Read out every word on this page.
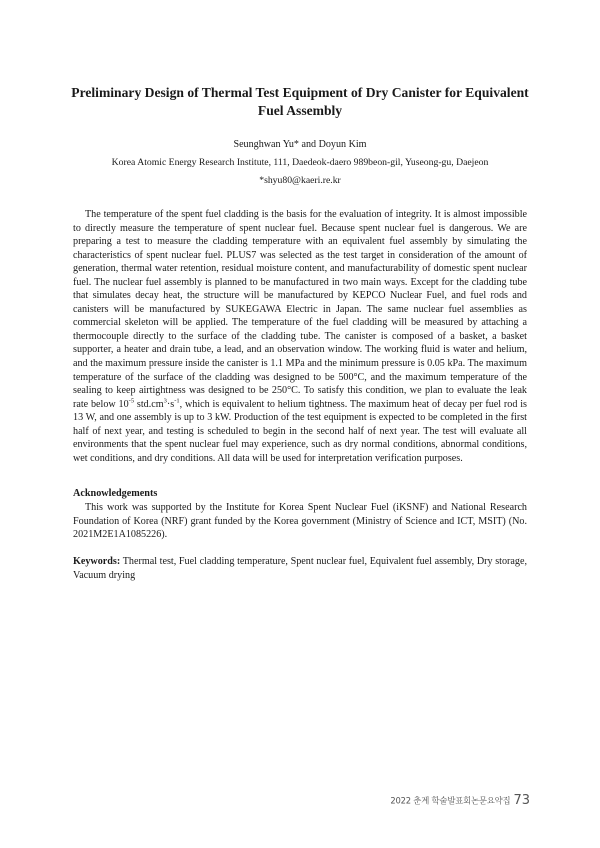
Preliminary Design of Thermal Test Equipment of Dry Canister for Equivalent Fuel Assembly
Seunghwan Yu* and Doyun Kim
Korea Atomic Energy Research Institute, 111, Daedeok-daero 989beon-gil, Yuseong-gu, Daejeon
*shyu80@kaeri.re.kr

The temperature of the spent fuel cladding is the basis for the evaluation of integrity. It is almost impossible to directly measure the temperature of spent nuclear fuel. Because spent nuclear fuel is dangerous. We are preparing a test to measure the cladding temperature with an equivalent fuel assembly by simulating the characteristics of spent nuclear fuel. PLUS7 was selected as the test target in consideration of the amount of generation, thermal water retention, residual moisture content, and manufacturability of domestic spent nuclear fuel. The nuclear fuel assembly is planned to be manufactured in two main ways. Except for the cladding tube that simulates decay heat, the structure will be manufactured by KEPCO Nuclear Fuel, and fuel rods and canisters will be manufactured by SUKEGAWA Electric in Japan. The same nuclear fuel assemblies as commercial skeleton will be applied. The temperature of the fuel cladding will be measured by attaching a thermocouple directly to the surface of the cladding tube. The canister is composed of a basket, a basket supporter, a heater and drain tube, a lead, and an observation window. The working fluid is water and helium, and the maximum pressure inside the canister is 1.1 MPa and the minimum pressure is 0.05 kPa. The maximum temperature of the surface of the cladding was designed to be 500°C, and the maximum temperature of the sealing to keep airtightness was designed to be 250°C. To satisfy this condition, we plan to evaluate the leak rate below $10^{-5}$ $std.cm^3\cdot s^{-1}$, which is equivalent to helium tightness. The maximum heat of decay per fuel rod is 13 W, and one assembly is up to 3 kW. Production of the test equipment is expected to be completed in the first half of next year, and testing is scheduled to begin in the second half of next year. The test will evaluate all environments that the spent nuclear fuel may experience, such as dry normal conditions, abnormal conditions, wet conditions, and dry conditions. All data will be used for interpretation verification purposes.

Acknowledgements

This work was supported by the Institute for Korea Spent Nuclear Fuel (iKSNF) and National Research Foundation of Korea (NRF) grant funded by the Korea government (Ministry of Science and ICT, MSIT) (No. 2021M2E1A1085226).

Keywords: Thermal test, Fuel cladding temperature, Spent nuclear fuel, Equivalent fuel assembly, Dry storage, Vacuum drying

2022 춘계 학술발표회논문요약집 73
